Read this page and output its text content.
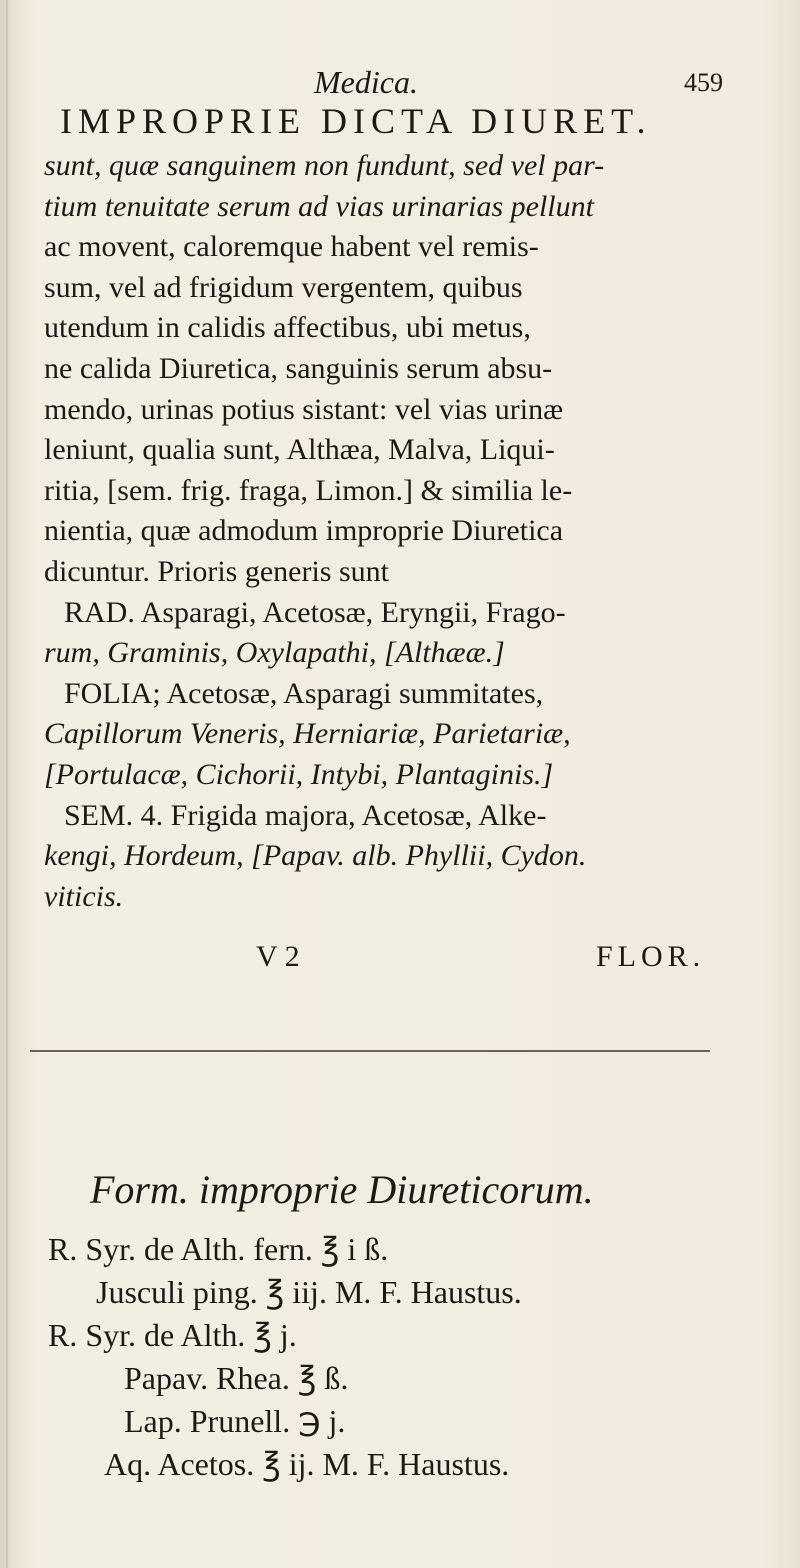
Medica.	459
IMPROPRIE DICTA DIURET.
sunt, quæ sanguinem non fundunt, sed vel par-
tium tenuitate serum ad vias urinarias pellunt
ac movent, caloremque habent vel remis-
sum, vel ad frigidum vergentem, quibus
utendum in calidis affectibus, ubi metus,
ne calida Diuretica, sanguinis serum absu-
mendo, urinas potius sistant: vel vias urinæ
leniunt, qualia sunt, Althæa, Malva, Liqui-
ritia, [sem. frig. fraga, Limon.] & similia le-
nientia, quæ admodum improprie Diuretica
dicuntur. Prioris generis sunt
RAD. Asparagi, Acetosæ, Eryngii, Frago-
rum, Graminis, Oxylapathi, [Althææ.]
FOLIA; Acetosæ, Asparagi summitates,
Capillorum Veneris, Herniariæ, Parietariæ,
[Portulacæ, Cichorii, Intybi, Plantaginis.]
SEM. 4. Frigida majora, Acetosæ, Alke-
kengi, Hordeum, [Papav. alb. Phyllii, Cydon.
viticis.
V 2	FLOR.
Form. improprie Diureticorum.
R. Syr. de Alth. fern. ℥ i ß.
Jusculi ping. ℥ iij. M. F. Haustus.
R. Syr. de Alth. ℥ j.
Papav. Rhea. ℥ ß.
Lap. Prunell. ℈ j.
Aq. Acetos. ℥ ij. M. F. Haustus.
